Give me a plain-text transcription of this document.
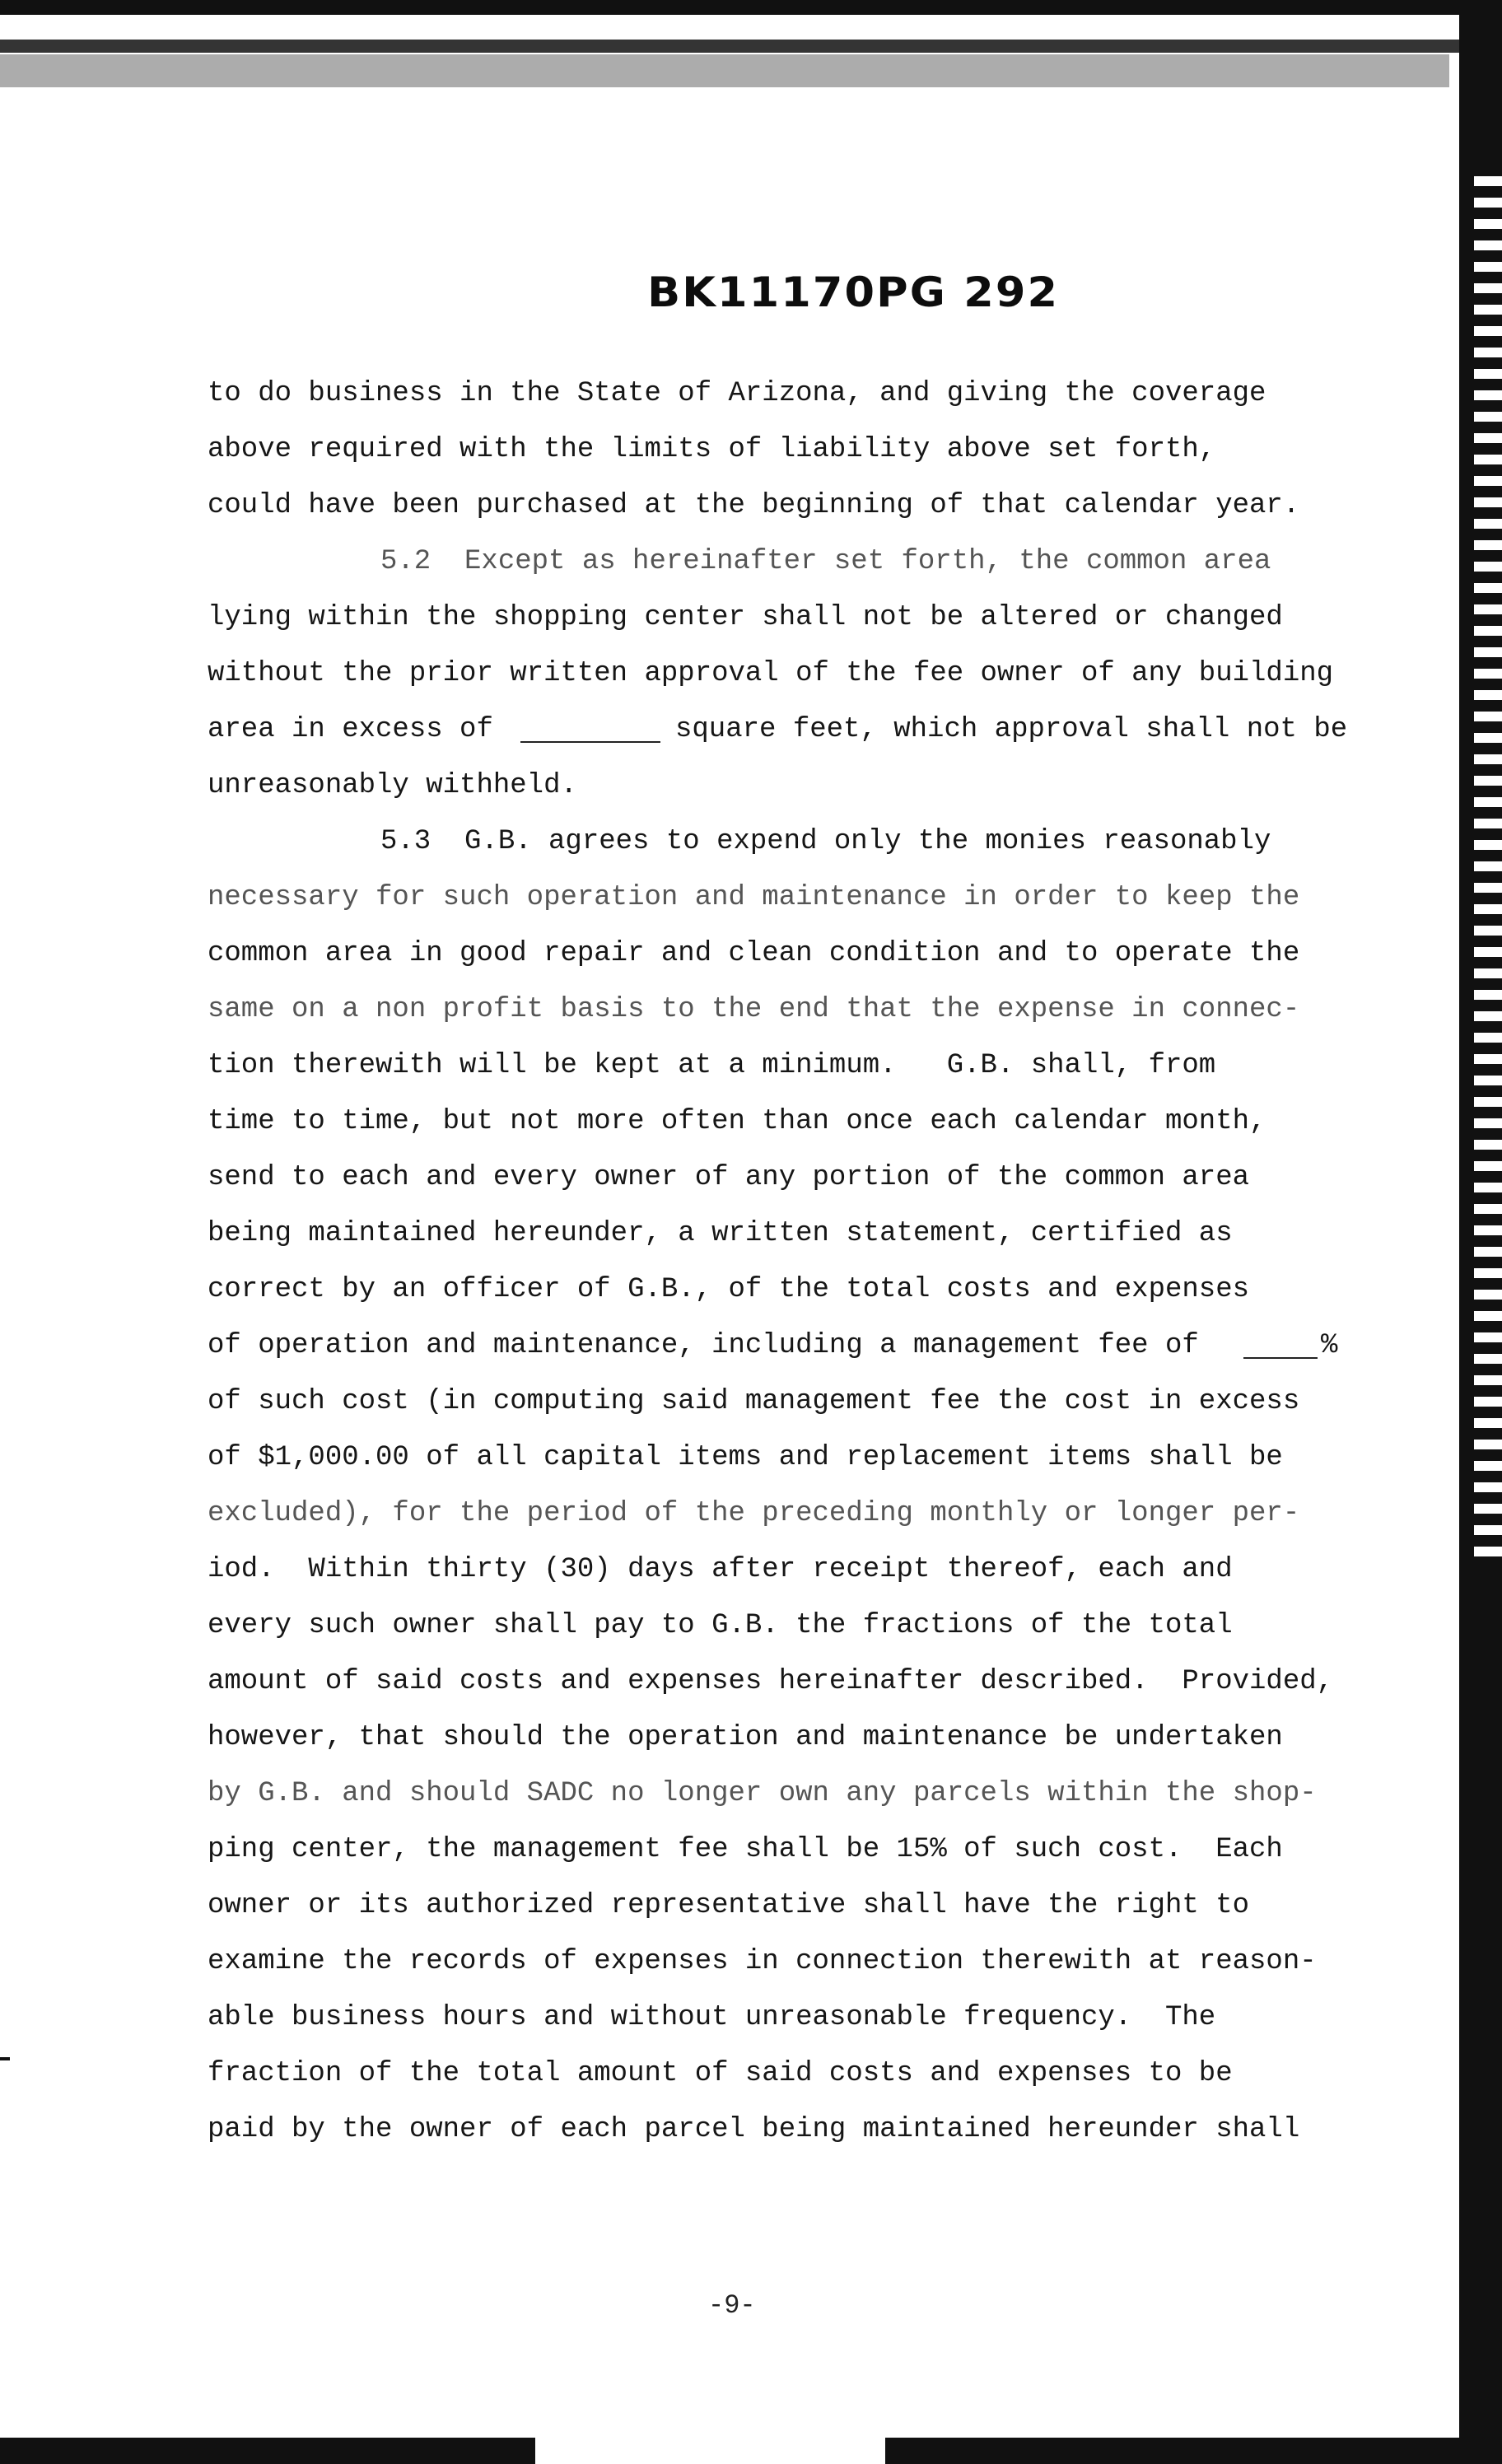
BK11170PG 292

to do business in the State of Arizona, and giving the coverage

above required with the limits of liability above set forth,

could have been purchased at the beginning of that calendar year.

5.2  Except as hereinafter set forth, the common area

lying within the shopping center shall not be altered or changed

without the prior written approval of the fee owner of any building

area in excess of	square feet, which approval shall not be

unreasonably withheld.

5.3  G.B. agrees to expend only the monies reasonably

necessary for such operation and maintenance in order to keep the

common area in good repair and clean condition and to operate the

same on a non profit basis to the end that the expense in connec-

tion therewith will be kept at a minimum.   G.B. shall, from

time to time, but not more often than once each calendar month,

send to each and every owner of any portion of the common area

being maintained hereunder, a written statement, certified as

correct by an officer of G.B., of the total costs and expenses

of operation and maintenance, including a management fee of	%

of such cost (in computing said management fee the cost in excess

of $1,000.00 of all capital items and replacement items shall be

excluded), for the period of the preceding monthly or longer per-

iod.  Within thirty (30) days after receipt thereof, each and

every such owner shall pay to G.B. the fractions of the total

amount of said costs and expenses hereinafter described.  Provided,

however, that should the operation and maintenance be undertaken

by G.B. and should SADC no longer own any parcels within the shop-

ping center, the management fee shall be 15% of such cost.  Each

owner or its authorized representative shall have the right to

examine the records of expenses in connection therewith at reason-

able business hours and without unreasonable frequency.  The

fraction of the total amount of said costs and expenses to be

paid by the owner of each parcel being maintained hereunder shall

-9-
